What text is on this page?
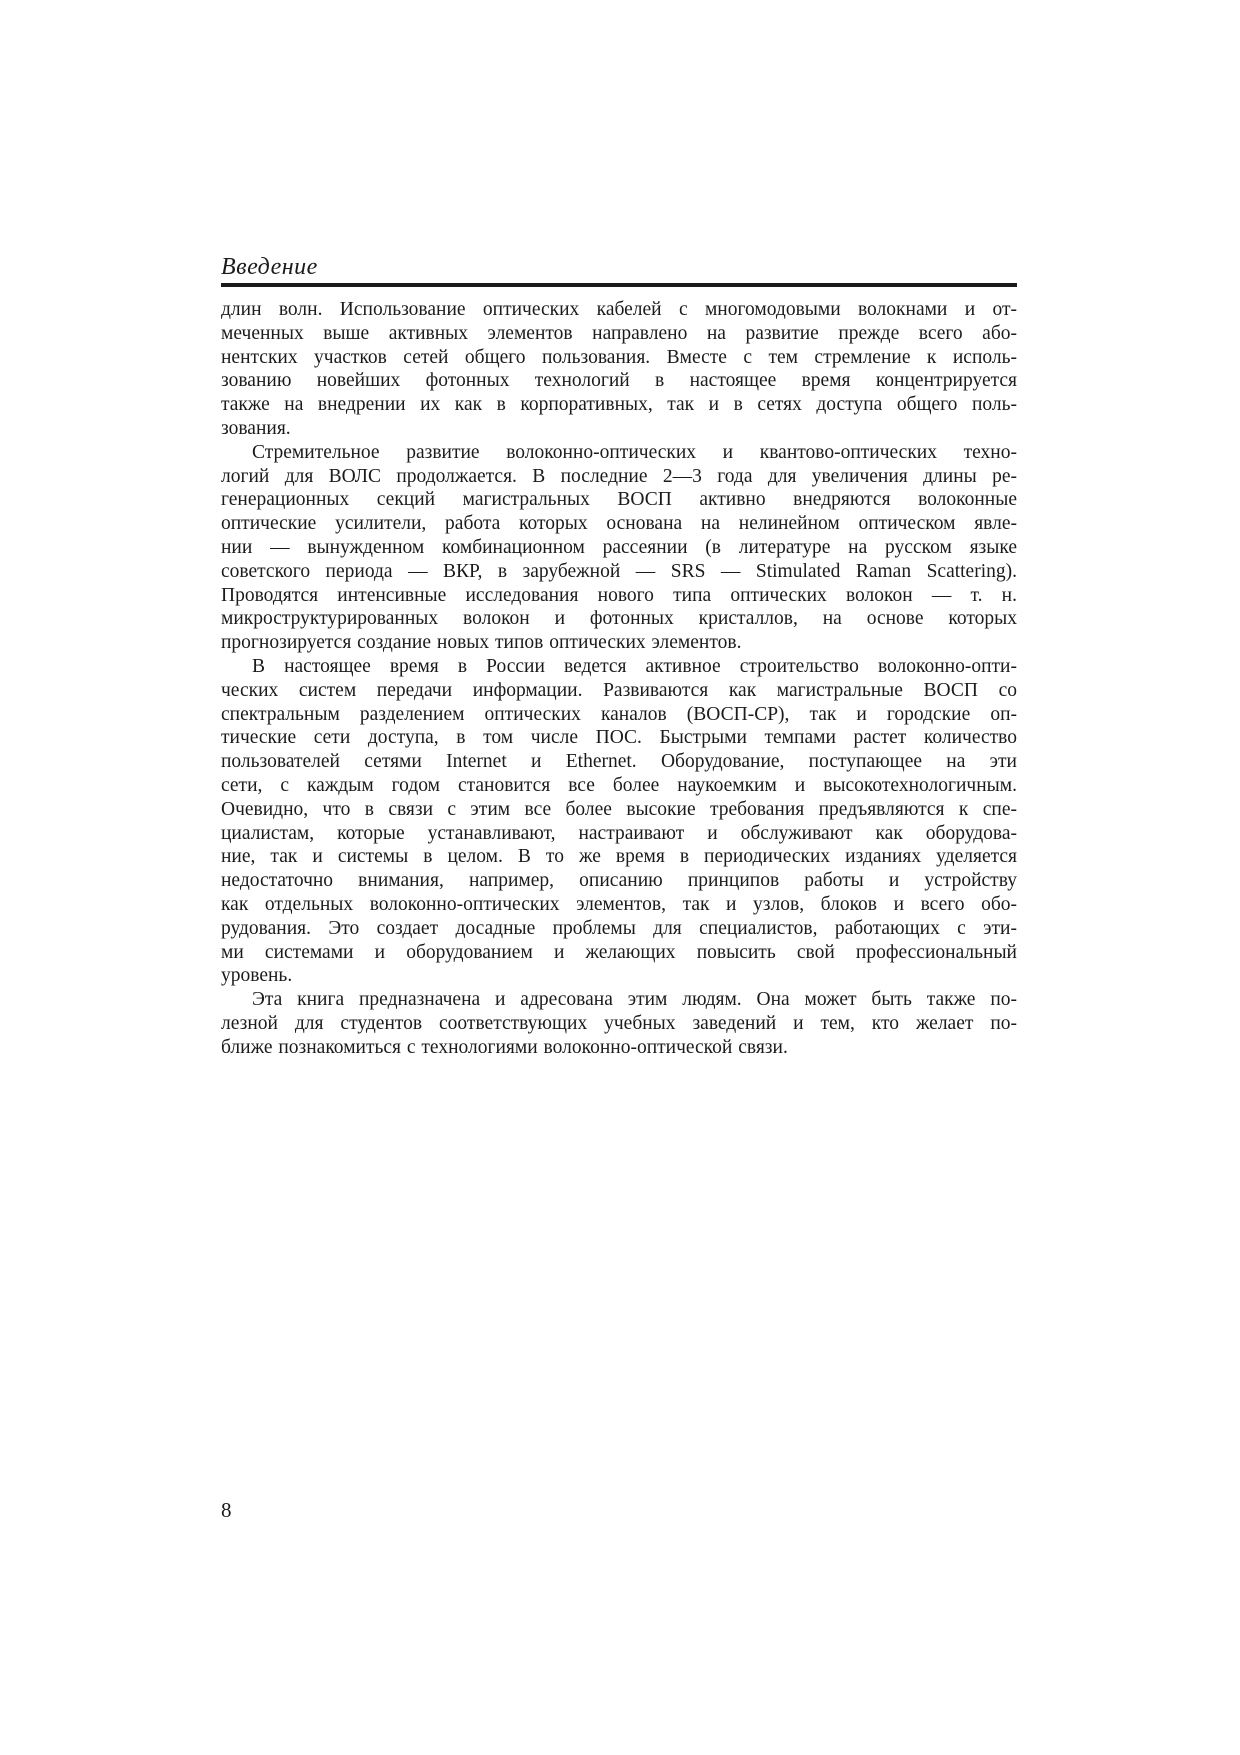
Введение
длин волн. Использование оптических кабелей с многомодовыми волокнами и от-
меченных выше активных элементов направлено на развитие прежде всего або-
нентских участков сетей общего пользования. Вместе с тем стремление к исполь-
зованию новейших фотонных технологий в настоящее время концентрируется
также на внедрении их как в корпоративных, так и в сетях доступа общего поль-
зования.
Стремительное развитие волоконно-оптических и квантово-оптических техно-
логий для ВОЛС продолжается. В последние 2—3 года для увеличения длины ре-
генерационных секций магистральных ВОСП активно внедряются волоконные
оптические усилители, работа которых основана на нелинейном оптическом явле-
нии — вынужденном комбинационном рассеянии (в литературе на русском языке
советского периода — ВКР, в зарубежной — SRS — Stimulated Raman Scattering).
Проводятся интенсивные исследования нового типа оптических волокон — т. н.
микроструктурированных волокон и фотонных кристаллов, на основе которых
прогнозируется создание новых типов оптических элементов.
В настоящее время в России ведется активное строительство волоконно-опти-
ческих систем передачи информации. Развиваются как магистральные ВОСП со
спектральным разделением оптических каналов (ВОСП-СР), так и городские оп-
тические сети доступа, в том числе ПОС. Быстрыми темпами растет количество
пользователей сетями Internet и Ethernet. Оборудование, поступающее на эти
сети, с каждым годом становится все более наукоемким и высокотехнологичным.
Очевидно, что в связи с этим все более высокие требования предъявляются к спе-
циалистам, которые устанавливают, настраивают и обслуживают как оборудова-
ние, так и системы в целом. В то же время в периодических изданиях уделяется
недостаточно внимания, например, описанию принципов работы и устройству
как отдельных волоконно-оптических элементов, так и узлов, блоков и всего обо-
рудования. Это создает досадные проблемы для специалистов, работающих с эти-
ми системами и оборудованием и желающих повысить свой профессиональный
уровень.
Эта книга предназначена и адресована этим людям. Она может быть также по-
лезной для студентов соответствующих учебных заведений и тем, кто желает по-
ближе познакомиться с технологиями волоконно-оптической связи.
8
